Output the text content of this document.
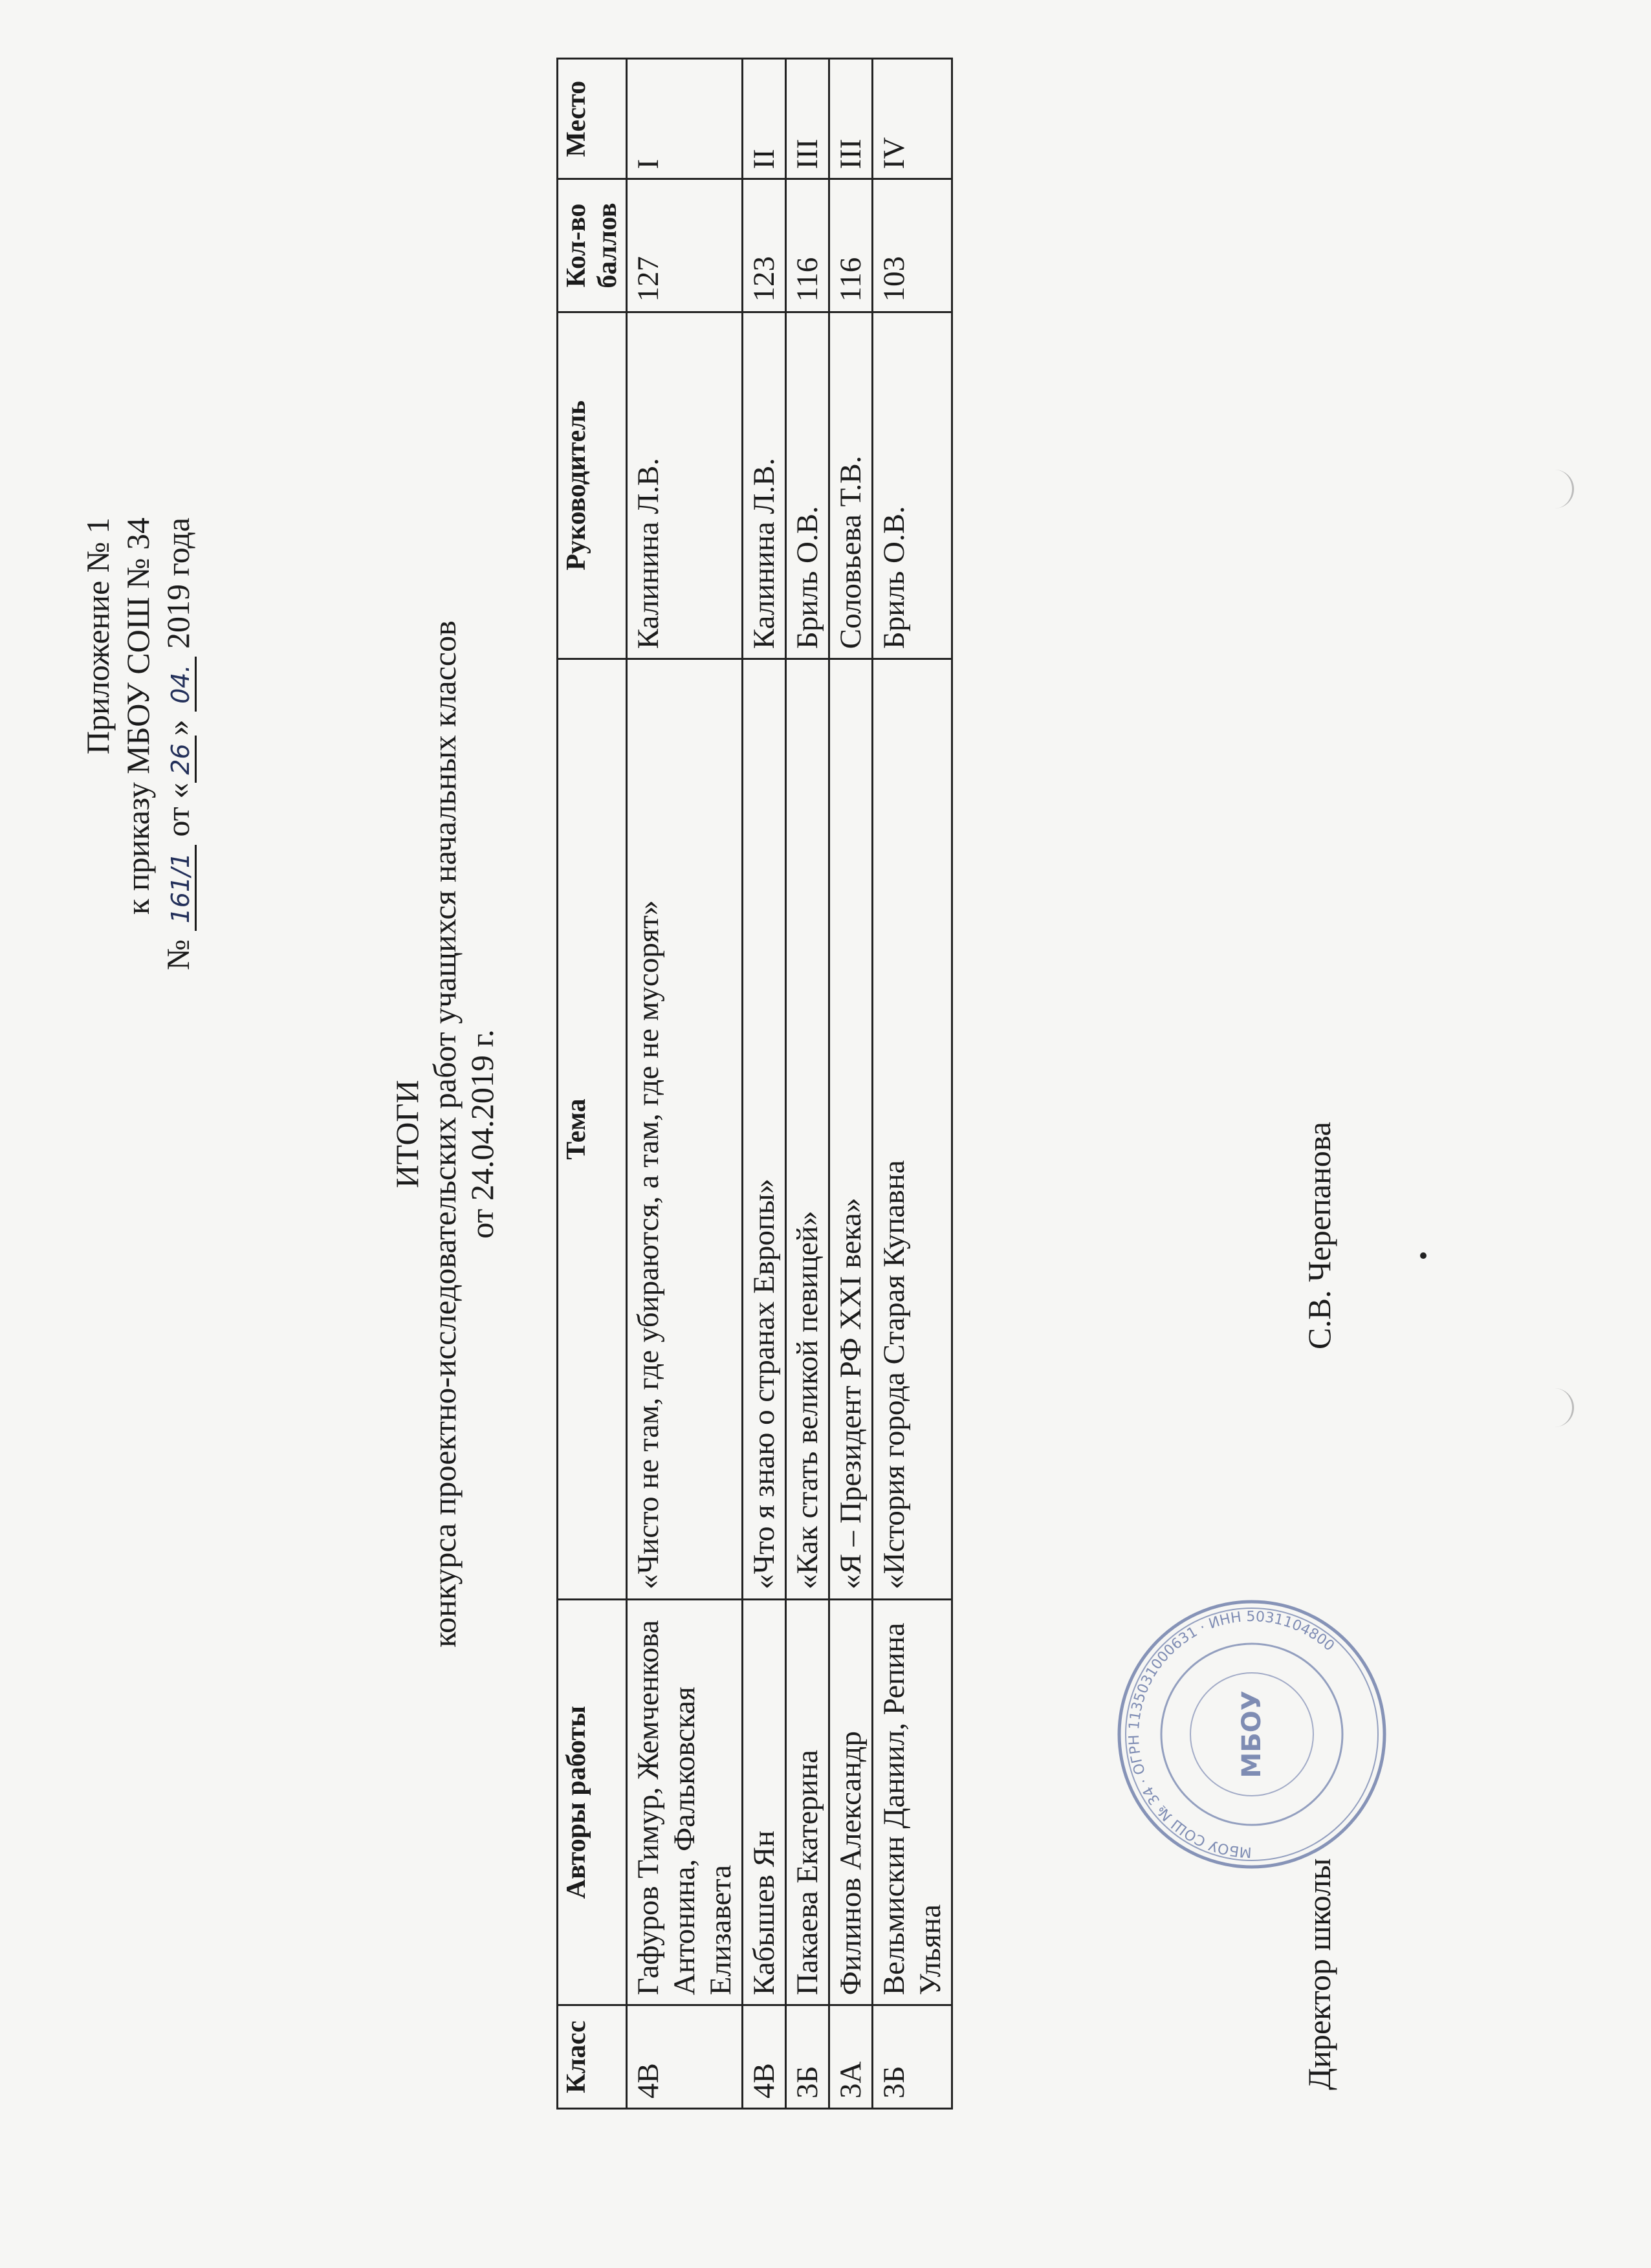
Приложение № 1 к приказу МБОУ СОШ № 34
№ 161/1 от «26» 04. 2019 года
ИТОГИ конкурса проектно-исследовательских работ учащихся начальных классов от 24.04.2019 г.
Класс	Авторы работы	Тема	Руководитель	Кол-во баллов	Место
4В	Гафуров Тимур, Жемченкова Антонина, Фальковская Елизавета	«Чисто не там, где убираются, а там, где не мусорят»	Калинина Л.В.	127	I
4В	Кабышев Ян	«Что я знаю о странах Европы»	Калинина Л.В.	123	II
3Б	Пакаева Екатерина	«Как стать великой певицей»	Бриль О.В.	116	III
3А	Филинов Александр	«Я – Президент РФ XXI века»	Соловьева Т.В.	116	III
3Б	Вельмискин Даниил, Репина Ульяна	«История города Старая Купавна	Бриль О.В.	103	IV
МБОУ СОШ № 34 · ОГРН 1135031000631 · ИНН 5031104800
МБОУ
Директор школы
С.В. Черепанова
